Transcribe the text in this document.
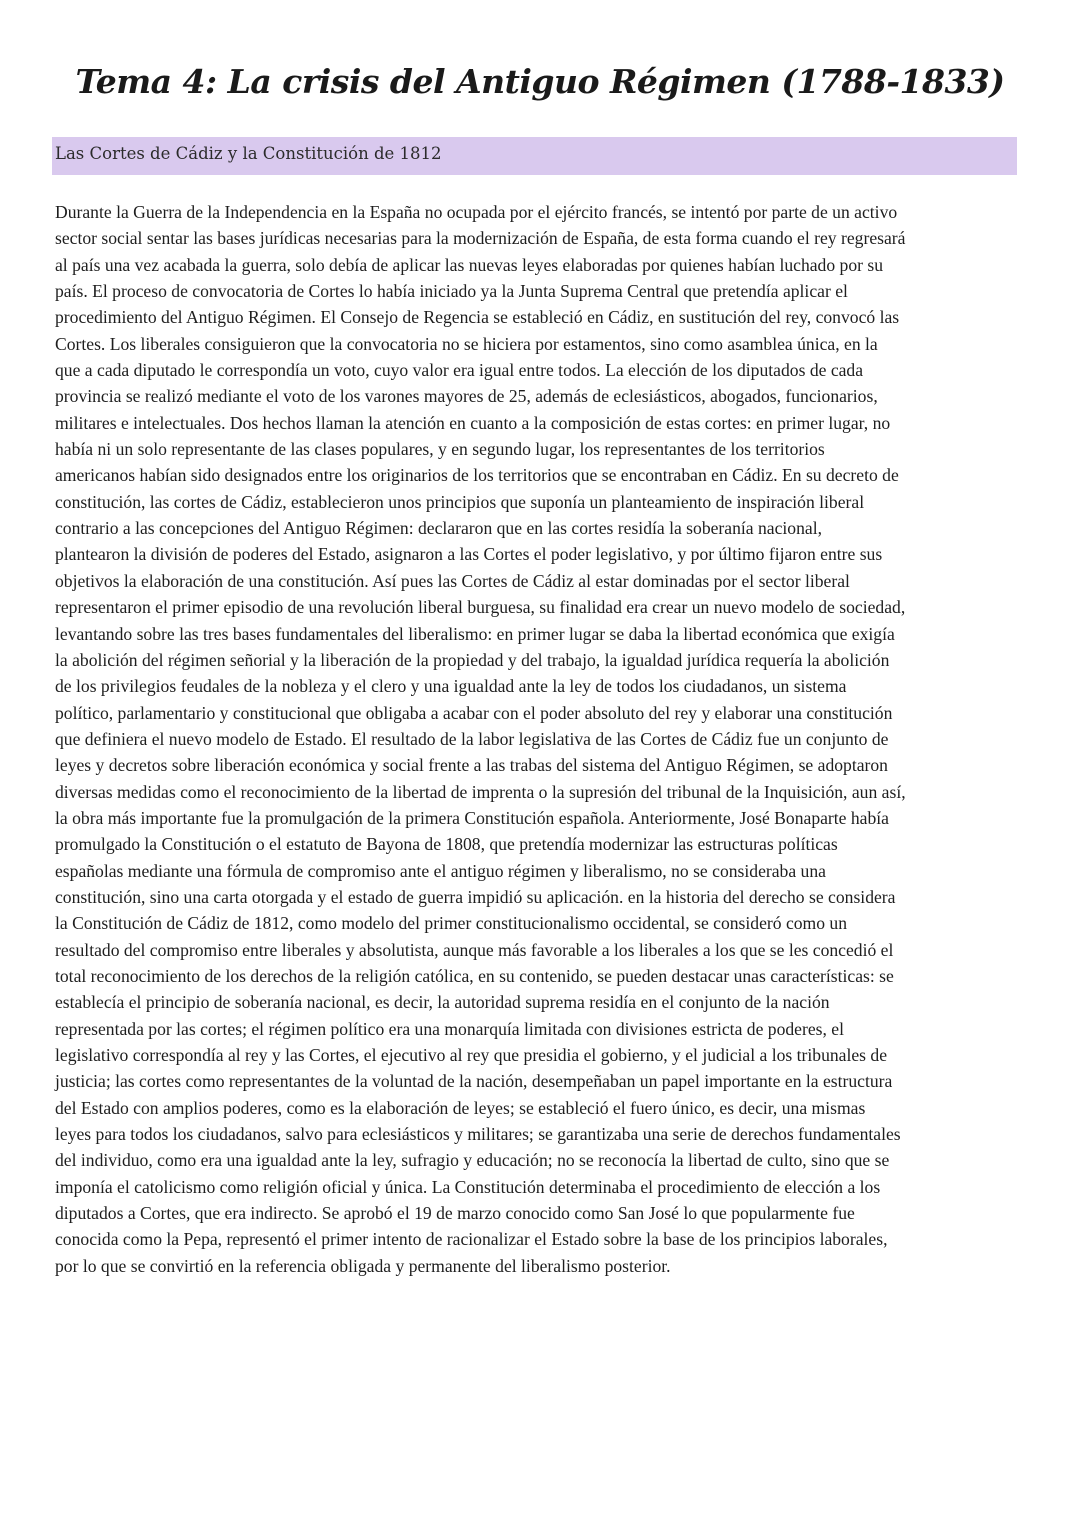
Tema 4: La crisis del Antiguo Régimen (1788-1833)
Las Cortes de Cádiz y la Constitución de 1812
Durante la Guerra de la Independencia en la España no ocupada por el ejército francés, se intentó por parte de un activo
sector social sentar las bases jurídicas necesarias para la modernización de España, de esta forma cuando el rey regresará
al país una vez acabada la guerra, solo debía de aplicar las nuevas leyes elaboradas por quienes habían luchado por su
país. El proceso de convocatoria de Cortes lo había iniciado ya la Junta Suprema Central que pretendía aplicar el
procedimiento del Antiguo Régimen. El Consejo de Regencia se estableció en Cádiz, en sustitución del rey, convocó las
Cortes. Los liberales consiguieron que la convocatoria no se hiciera por estamentos, sino como asamblea única, en la
que a cada diputado le correspondía un voto, cuyo valor era igual entre todos. La elección de los diputados de cada
provincia se realizó mediante el voto de los varones mayores de 25, además de eclesiásticos, abogados, funcionarios,
militares e intelectuales. Dos hechos llaman la atención en cuanto a la composición de estas cortes: en primer lugar, no
había ni un solo representante de las clases populares, y en segundo lugar, los representantes de los territorios
americanos habían sido designados entre los originarios de los territorios que se encontraban en Cádiz. En su decreto de
constitución, las cortes de Cádiz, establecieron unos principios que suponía un planteamiento de inspiración liberal
contrario a las concepciones del Antiguo Régimen: declararon que en las cortes residía la soberanía nacional,
plantearon la división de poderes del Estado, asignaron a las Cortes el poder legislativo, y por último fijaron entre sus
objetivos la elaboración de una constitución. Así pues las Cortes de Cádiz al estar dominadas por el sector liberal
representaron el primer episodio de una revolución liberal burguesa, su finalidad era crear un nuevo modelo de sociedad,
levantando sobre las tres bases fundamentales del liberalismo: en primer lugar se daba la libertad económica que exigía
la abolición del régimen señorial y la liberación de la propiedad y del trabajo, la igualdad jurídica requería la abolición
de los privilegios feudales de la nobleza y el clero y una igualdad ante la ley de todos los ciudadanos, un sistema
político, parlamentario y constitucional que obligaba a acabar con el poder absoluto del rey y elaborar una constitución
que definiera el nuevo modelo de Estado. El resultado de la labor legislativa de las Cortes de Cádiz fue un conjunto de
leyes y decretos sobre liberación económica y social frente a las trabas del sistema del Antiguo Régimen, se adoptaron
diversas medidas como el reconocimiento de la libertad de imprenta o la supresión del tribunal de la Inquisición, aun así,
la obra más importante fue la promulgación de la primera Constitución española. Anteriormente, José Bonaparte había
promulgado la Constitución o el estatuto de Bayona de 1808, que pretendía modernizar las estructuras políticas
españolas mediante una fórmula de compromiso ante el antiguo régimen y liberalismo, no se consideraba una
constitución, sino una carta otorgada y el estado de guerra impidió su aplicación. en la historia del derecho se considera
la Constitución de Cádiz de 1812, como modelo del primer constitucionalismo occidental, se consideró como un
resultado del compromiso entre liberales y absolutista, aunque más favorable a los liberales a los que se les concedió el
total reconocimiento de los derechos de la religión católica, en su contenido, se pueden destacar unas características: se
establecía el principio de soberanía nacional, es decir, la autoridad suprema residía en el conjunto de la nación
representada por las cortes; el régimen político era una monarquía limitada con divisiones estricta de poderes, el
legislativo correspondía al rey y las Cortes, el ejecutivo al rey que presidia el gobierno, y el judicial a los tribunales de
justicia; las cortes como representantes de la voluntad de la nación, desempeñaban un papel importante en la estructura
del Estado con amplios poderes, como es la elaboración de leyes; se estableció el fuero único, es decir, una mismas
leyes para todos los ciudadanos, salvo para eclesiásticos y militares; se garantizaba una serie de derechos fundamentales
del individuo, como era una igualdad ante la ley, sufragio y educación; no se reconocía la libertad de culto, sino que se
imponía el catolicismo como religión oficial y única. La Constitución determinaba el procedimiento de elección a los
diputados a Cortes, que era indirecto. Se aprobó el 19 de marzo conocido como San José lo que popularmente fue
conocida como la Pepa, representó el primer intento de racionalizar el Estado sobre la base de los principios laborales,
por lo que se convirtió en la referencia obligada y permanente del liberalismo posterior.
